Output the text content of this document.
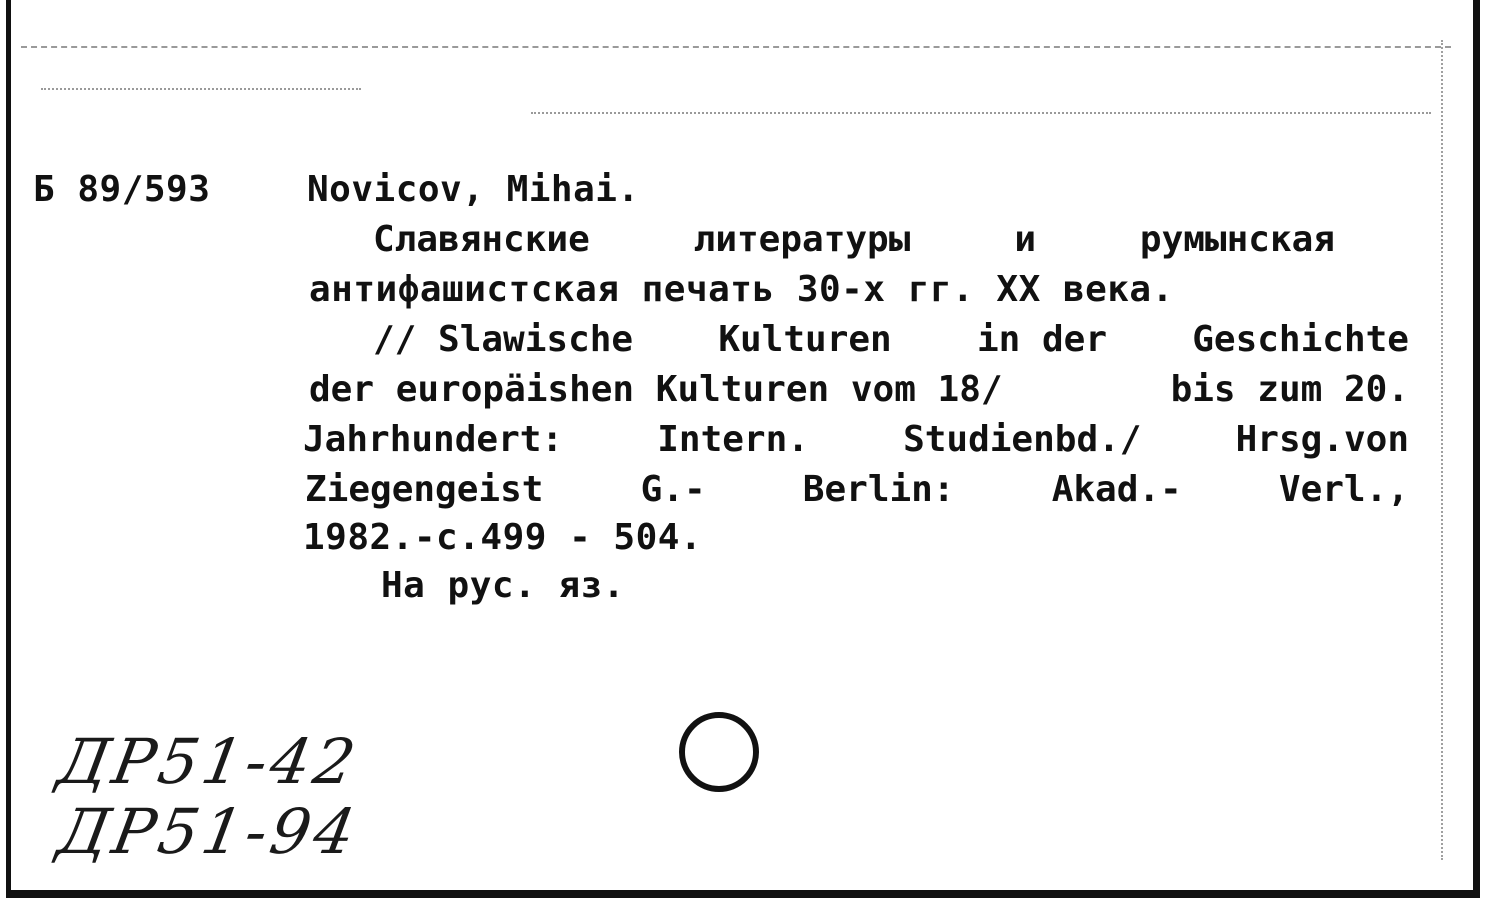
Б 89/593	Novicov, Mihai.
Славянские	литературы	и	румынская
антифашистская печать 30-х гг. XX века.
// Slawische Kulturen in der Geschichte
der europäishen Kulturen vom 18/	bis zum 20.
Jahrhundert:	Intern.	Studienbd./	Hrsg.von
Ziegengeist	G.-	Berlin:	Akad.-	Verl.,
1982.-с.499 - 504.
На рус. яз.
ДР51-42
ДР51-94
